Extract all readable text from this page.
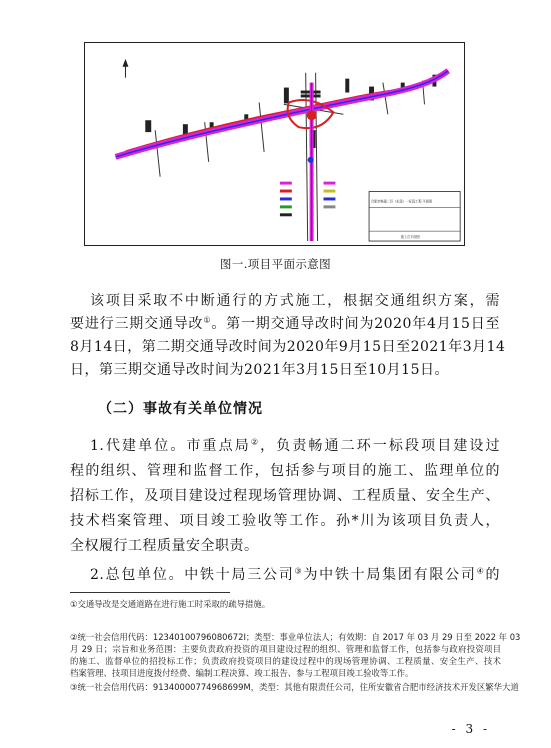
合肥市畅通二环（东段）一标段工程 平面图
施工总平面图
图一.项目平面示意图
该项目采取不中断通行的方式施工，根据交通组织方案，需
要进行三期交通导改①。第一期交通导改时间为2020年4月15日至
8月14日，第二期交通导改时间为2020年9月15日至2021年3月14
日，第三期交通导改时间为2021年3月15日至10月15日。
（二）事故有关单位情况
1.代建单位。市重点局②，负责畅通二环一标段项目建设过
程的组织、管理和监督工作，包括参与项目的施工、监理单位的
招标工作，及项目建设过程现场管理协调、工程质量、安全生产、
技术档案管理、项目竣工验收等工作。孙*川为该项目负责人，
全权履行工程质量安全职责。
2.总包单位。中铁十局三公司③为中铁十局集团有限公司④的
①交通导改是交通道路在进行施工时采取的疏导措施。
②统一社会信用代码：12340100796080672I；类型：事业单位法人；有效期：自 2017 年 03 月 29 日至 2022 年 03
月 29 日；宗旨和业务范围：主要负责政府投资的项目建设过程的组织、管理和监督工作，包括参与政府投资项目
的施工、监督单位的招投标工作；负责政府投资项目的建设过程中的现场管理协调、工程质量、安全生产、技术
档案管理、技项目进度拨付经费、编制工程决算、竣工报告、参与工程项目竣工验收等工作。
③统一社会信用代码：91340000774968699M，类型：其他有限责任公司，住所安徽省合肥市经济技术开发区繁华大道
- 3 -
